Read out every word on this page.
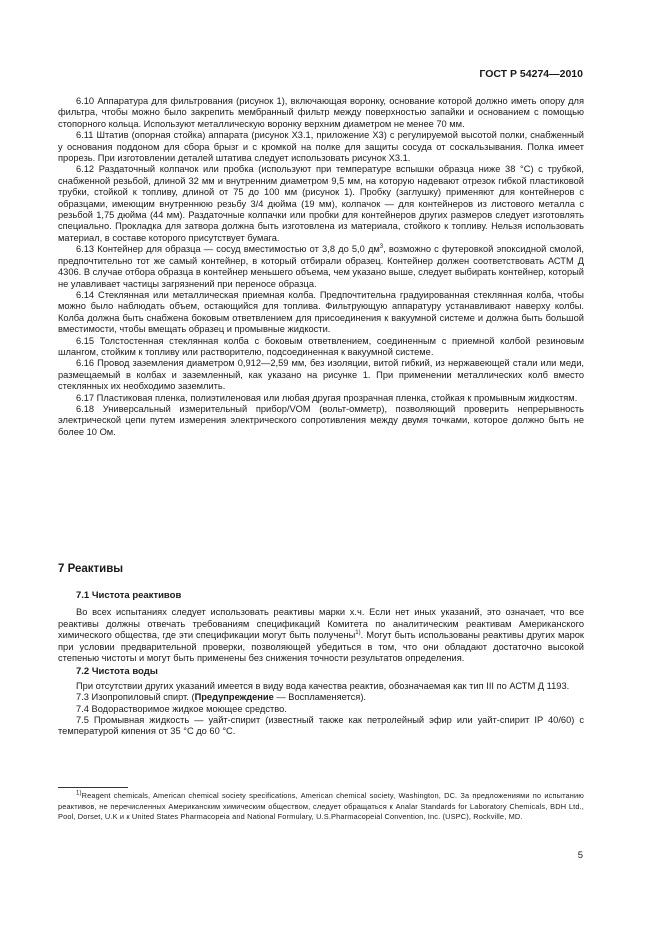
ГОСТ Р 54274—2010

6.10 Аппаратура для фильтрования (рисунок 1), включающая воронку, основание которой должно иметь опору для фильтра, чтобы можно было закрепить мембранный фильтр между поверхностью запайки и основанием с помощью стопорного кольца. Используют металлическую воронку верхним диаметром не менее 70 мм.

6.11 Штатив (опорная стойка) аппарата (рисунок Х3.1, приложение Х3) с регулируемой высотой полки, снабженный у основания поддоном для сбора брызг и с кромкой на полке для защиты сосуда от соскальзывания. Полка имеет прорезь. При изготовлении деталей штатива следует использовать рисунок Х3.1.

6.12 Раздаточный колпачок или пробка (используют при температуре вспышки образца ниже 38 °C) с трубкой, снабженной резьбой, длиной 32 мм и внутренним диаметром 9,5 мм, на которую надевают отрезок гибкой пластиковой трубки, стойкой к топливу, длиной от 75 до 100 мм (рисунок 1). Пробку (заглушку) применяют для контейнеров с образцами, имеющим внутреннюю резьбу 3/4 дюйма (19 мм), колпачок — для контейнеров из листового металла с резьбой 1,75 дюйма (44 мм). Раздаточные колпачки или пробки для контейнеров других размеров следует изготовлять специально. Прокладка для затвора должна быть изготовлена из материала, стойкого к топливу. Нельзя использовать материал, в составе которого присутствует бумага.

6.13 Контейнер для образца — сосуд вместимостью от 3,8 до 5,0 $дм^3$, возможно с футеровкой эпоксидной смолой, предпочтительно тот же самый контейнер, в который отбирали образец. Контейнер должен соответствовать АСТМ Д 4306. В случае отбора образца в контейнер меньшего объема, чем указано выше, следует выбирать контейнер, который не улавливает частицы загрязнений при переносе образца.

6.14 Стеклянная или металлическая приемная колба. Предпочтительна градуированная стеклянная колба, чтобы можно было наблюдать объем, остающийся для топлива. Фильтрующую аппаратуру устанавливают наверху колбы. Колба должна быть снабжена боковым ответвлением для присоединения к вакуумной системе и должна быть большой вместимости, чтобы вмещать образец и промывные жидкости.

6.15 Толстостенная стеклянная колба с боковым ответвлением, соединенным с приемной колбой резиновым шлангом, стойким к топливу или растворителю, подсоединенная к вакуумной системе.

6.16 Провод заземления диаметром 0,912—2,59 мм, без изоляции, витой гибкий, из нержавеющей стали или меди, размещаемый в колбах и заземленный, как указано на рисунке 1. При применении металлических колб вместо стеклянных их необходимо заземлить.

6.17 Пластиковая пленка, полиэтиленовая или любая другая прозрачная пленка, стойкая к промывным жидкостям.

6.18 Универсальный измерительный прибор/VOM (вольт-омметр), позволяющий проверить непрерывность электрической цепи путем измерения электрического сопротивления между двумя точками, которое должно быть не более 10 Ом.

7 Реактивы
7.1 Чистота реактивов

Во всех испытаниях следует использовать реактивы марки х.ч. Если нет иных указаний, это означает, что все реактивы должны отвечать требованиям спецификаций Комитета по аналитическим реактивам Американского химического общества, где эти спецификации могут быть получены$^{1)}$. Могут быть использованы реактивы других марок при условии предварительной проверки, позволяющей убедиться в том, что они обладают достаточно высокой степенью чистоты и могут быть применены без снижения точности результатов определения.

7.2 Чистота воды

При отсутствии других указаний имеется в виду вода качества реактив, обозначаемая как тип III по АСТМ Д 1193.

7.3 Изопропиловый спирт. (Предупреждение — Воспламеняется).

7.4 Водорастворимое жидкое моющее средство.

7.5 Промывная жидкость — уайт-спирит (известный также как петролейный эфир или уайт-спирит IP 40/60) с температурой кипения от 35 °C до 60 °C.

$^{1)}$Reagent chemicals, American chemical society specifications, American chemical society, Washington, DC. За предложениями по испытанию реактивов, не перечисленных Американским химическим обществом, следует обращаться к Analar Standards for Laboratory Chemicals, BDH Ltd., Pool, Dorset, U.K и к United States Pharmacopeia and National Formulary, U.S.Pharmacopeial Convention, Inc. (USPC), Rockville, MD.

5
